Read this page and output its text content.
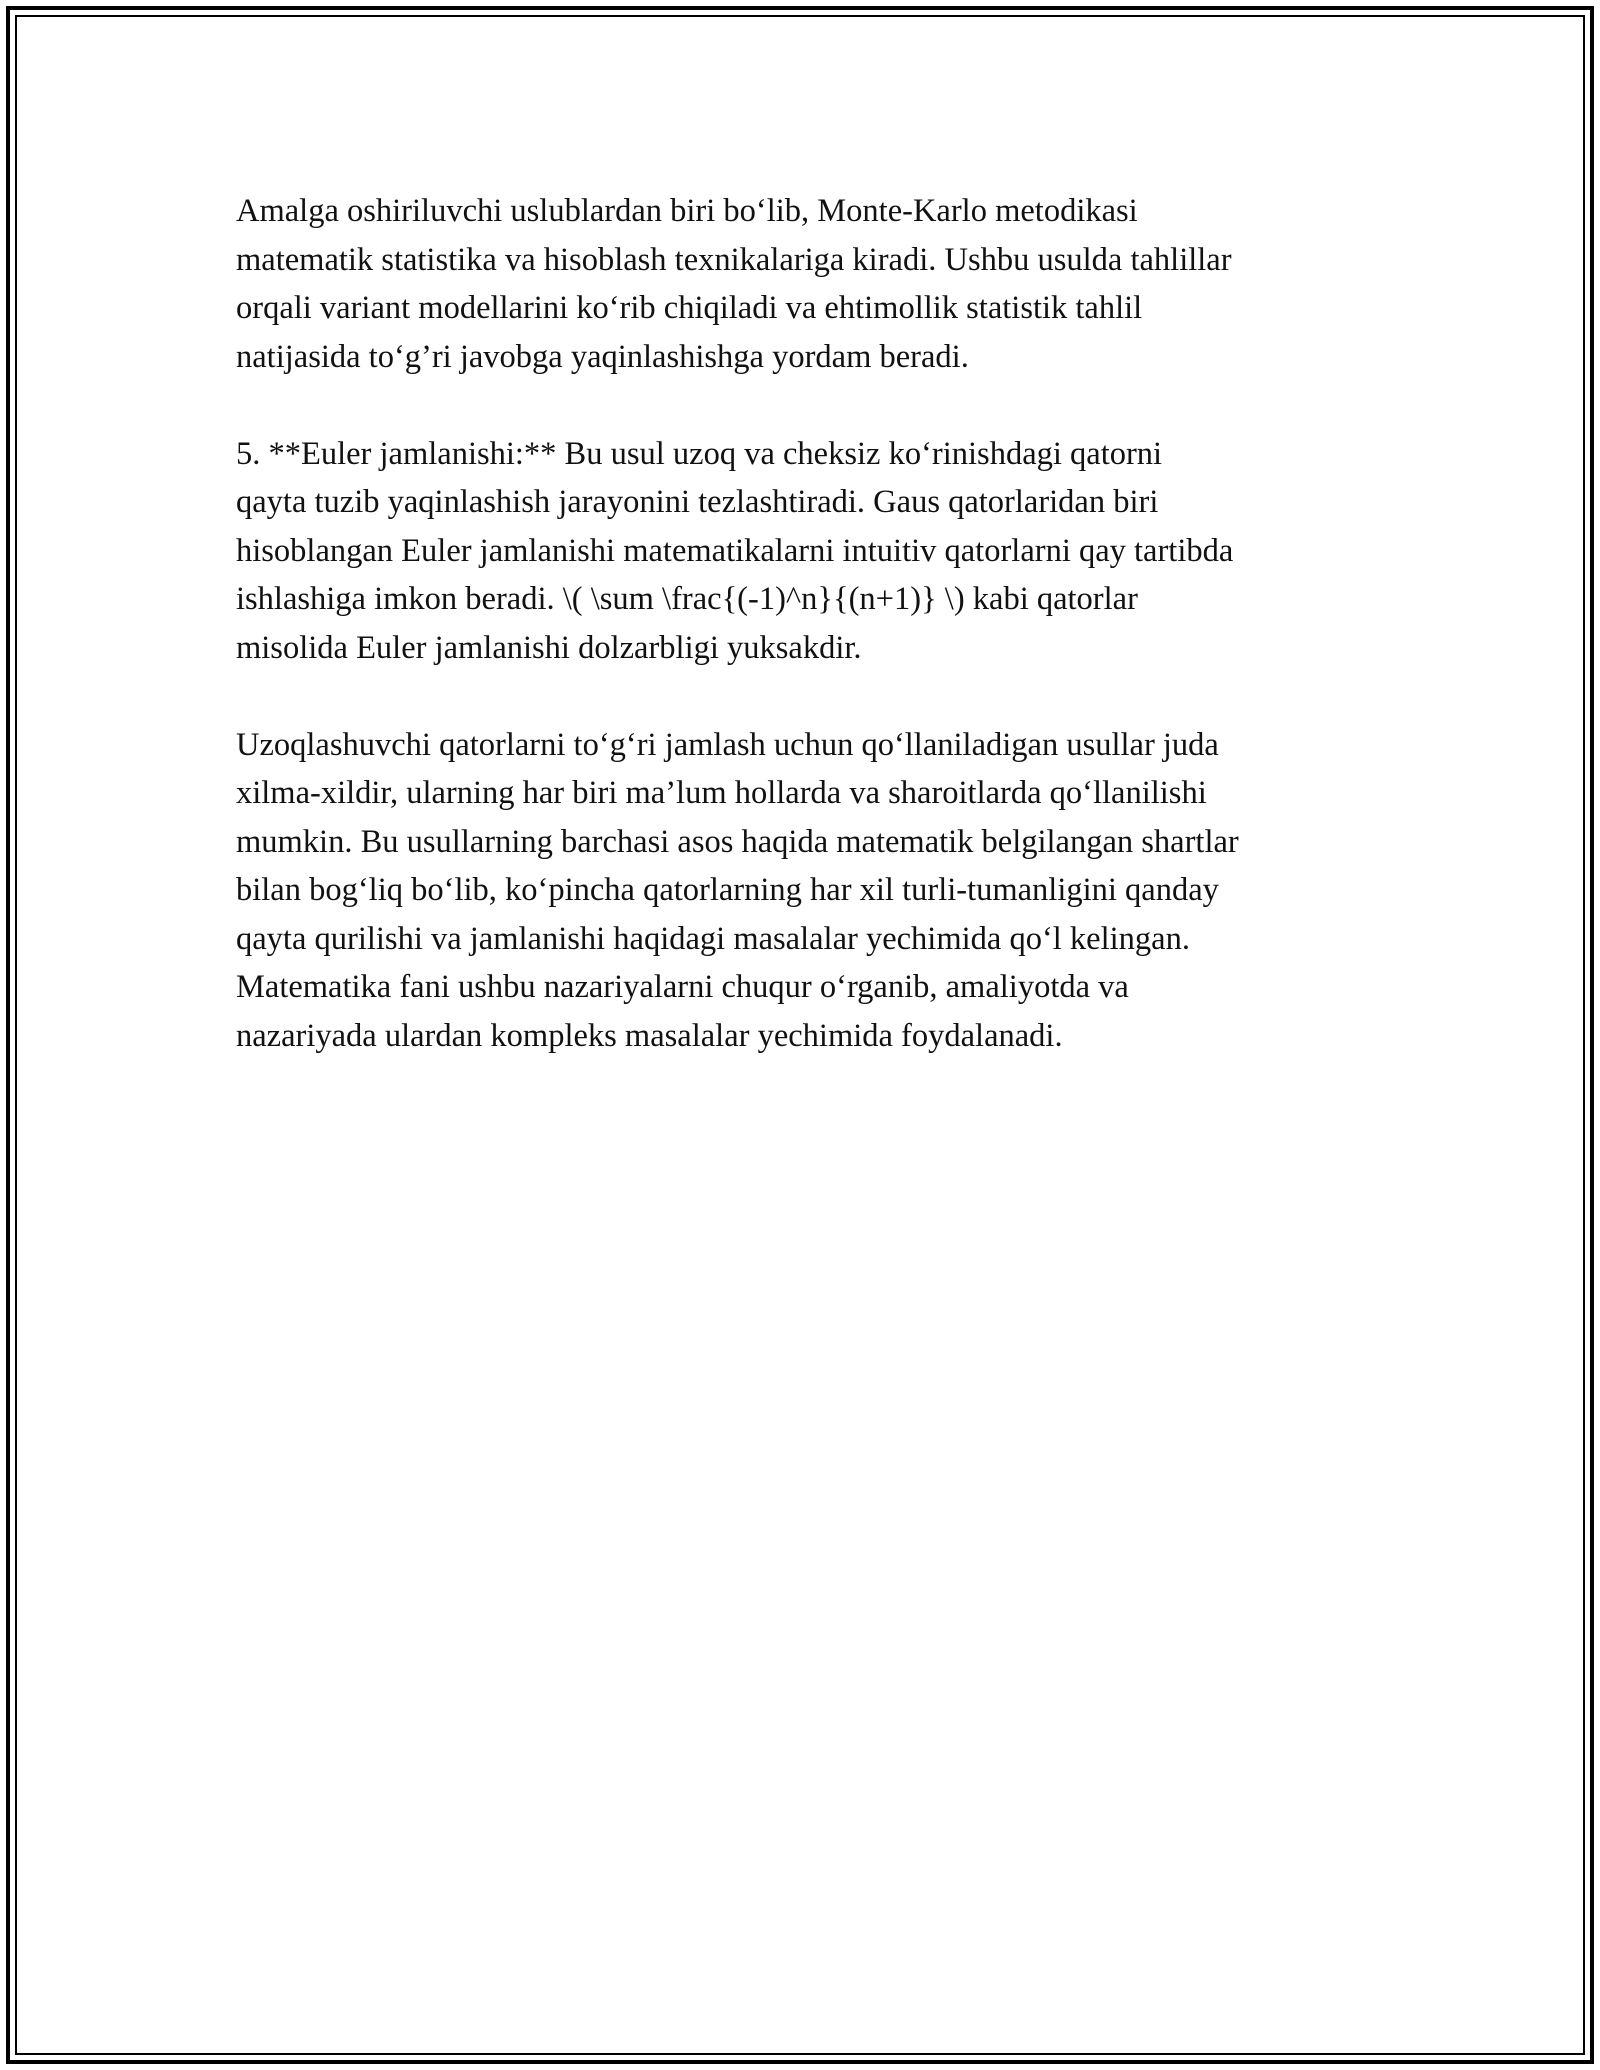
Amalga oshiriluvchi uslublardan biri bo‘lib, Monte-Karlo metodikasi
matematik statistika va hisoblash texnikalariga kiradi. Ushbu usulda tahlillar
orqali variant modellarini ko‘rib chiqiladi va ehtimollik statistik tahlil
natijasida to‘g’ri javobga yaqinlashishga yordam beradi.

5. **Euler jamlanishi:** Bu usul uzoq va cheksiz ko‘rinishdagi qatorni
qayta tuzib yaqinlashish jarayonini tezlashtiradi. Gaus qatorlaridan biri
hisoblangan Euler jamlanishi matematikalarni intuitiv qatorlarni qay tartibda
ishlashiga imkon beradi. \( \sum \frac{(-1)^n}{(n+1)} \) kabi qatorlar
misolida Euler jamlanishi dolzarbligi yuksakdir.

Uzoqlashuvchi qatorlarni to‘g‘ri jamlash uchun qo‘llaniladigan usullar juda
xilma-xildir, ularning har biri ma’lum hollarda va sharoitlarda qo‘llanilishi
mumkin. Bu usullarning barchasi asos haqida matematik belgilangan shartlar
bilan bog‘liq bo‘lib, ko‘pincha qatorlarning har xil turli-tumanligini qanday
qayta qurilishi va jamlanishi haqidagi masalalar yechimida qo‘l kelingan.
Matematika fani ushbu nazariyalarni chuqur o‘rganib, amaliyotda va
nazariyada ulardan kompleks masalalar yechimida foydalanadi.
